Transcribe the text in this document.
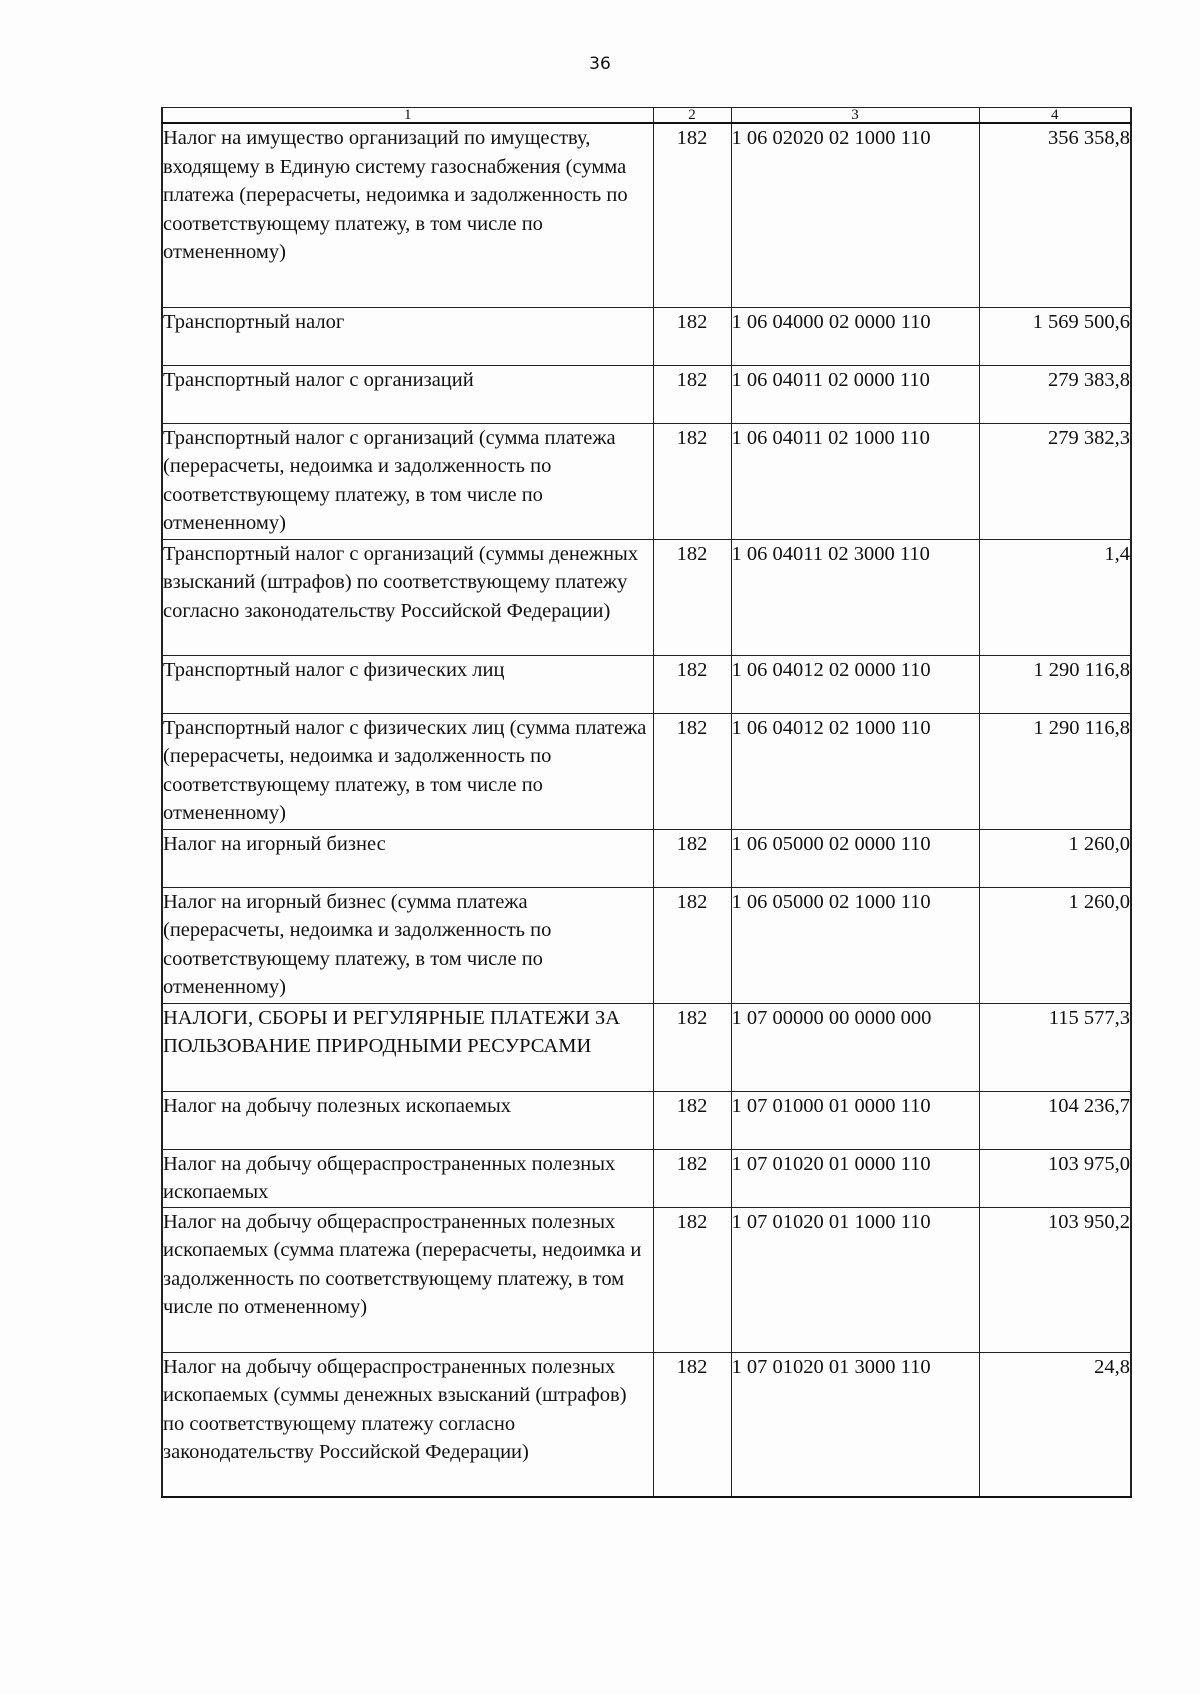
36
1	2	3	4
Налог на имущество организаций по имуществу, входящему в Единую систему газоснабжения (сумма платежа (перерасчеты, недоимка и задолженность по соответствующему платежу, в том числе по отмененному)	182	1 06 02020 02 1000 110	356 358,8
Транспортный налог	182	1 06 04000 02 0000 110	1 569 500,6
Транспортный налог с организаций	182	1 06 04011 02 0000 110	279 383,8
Транспортный налог с организаций (сумма платежа (перерасчеты, недоимка и задолженность по соответствующему платежу, в том числе по отмененному)	182	1 06 04011 02 1000 110	279 382,3
Транспортный налог с организаций (суммы денежных взысканий (штрафов) по соответствующему платежу согласно законодательству Российской Федерации)	182	1 06 04011 02 3000 110	1,4
Транспортный налог с физических лиц	182	1 06 04012 02 0000 110	1 290 116,8
Транспортный налог с физических лиц (сумма платежа (перерасчеты, недоимка и задолженность по соответствующему платежу, в том числе по отмененному)	182	1 06 04012 02 1000 110	1 290 116,8
Налог на игорный бизнес	182	1 06 05000 02 0000 110	1 260,0
Налог на игорный бизнес (сумма платежа (перерасчеты, недоимка и задолженность по соответствующему платежу, в том числе по отмененному)	182	1 06 05000 02 1000 110	1 260,0
НАЛОГИ, СБОРЫ И РЕГУЛЯРНЫЕ ПЛАТЕЖИ ЗА ПОЛЬЗОВАНИЕ ПРИРОДНЫМИ РЕСУРСАМИ	182	1 07 00000 00 0000 000	115 577,3
Налог на добычу полезных ископаемых	182	1 07 01000 01 0000 110	104 236,7
Налог на добычу общераспространенных полезных ископаемых	182	1 07 01020 01 0000 110	103 975,0
Налог на добычу общераспространенных полезных ископаемых (сумма платежа (перерасчеты, недоимка и задолженность по соответствующему платежу, в том числе по отмененному)	182	1 07 01020 01 1000 110	103 950,2
Налог на добычу общераспространенных полезных ископаемых (суммы денежных взысканий (штрафов) по соответствующему платежу согласно законодательству Российской Федерации)	182	1 07 01020 01 3000 110	24,8
